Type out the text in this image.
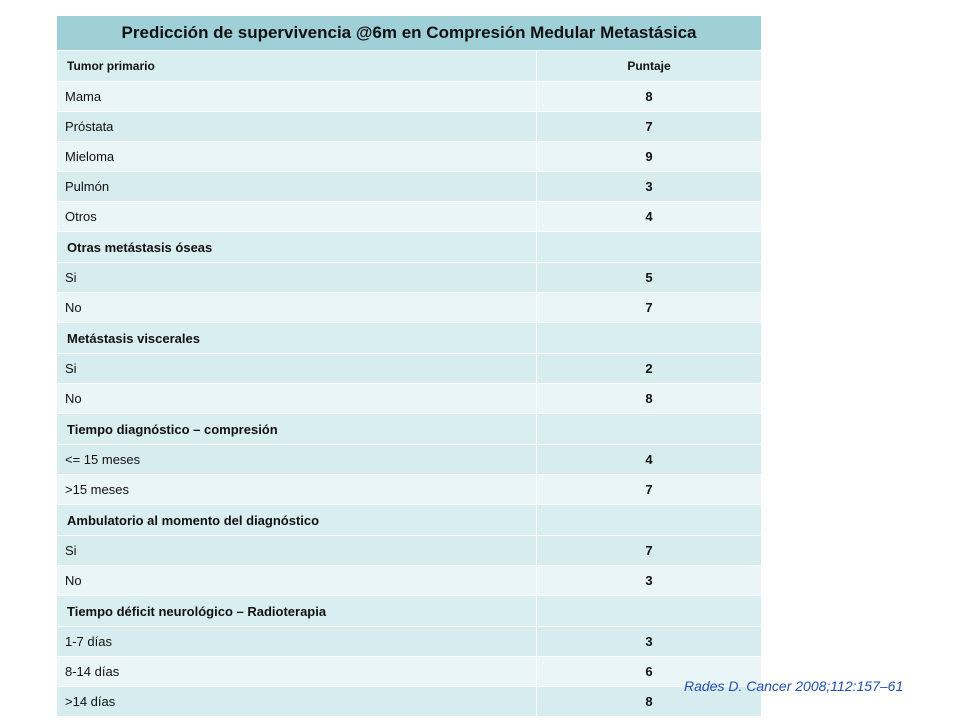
Predicción de supervivencia @6m en Compresión Medular Metastásica	
Tumor primario	Puntaje
Mama	8
Próstata	7
Mieloma	9
Pulmón	3
Otros	4
Otras metástasis óseas	
Si	5
No	7
Metástasis viscerales	
Si	2
No	8
Tiempo diagnóstico – compresión	
<= 15 meses	4
>15 meses	7
Ambulatorio al momento del diagnóstico	
Si	7
No	3
Tiempo déficit neurológico – Radioterapia	
1-7 días	3
8-14 días	6
>14 días	8
Rades D. Cancer 2008;112:157–61
